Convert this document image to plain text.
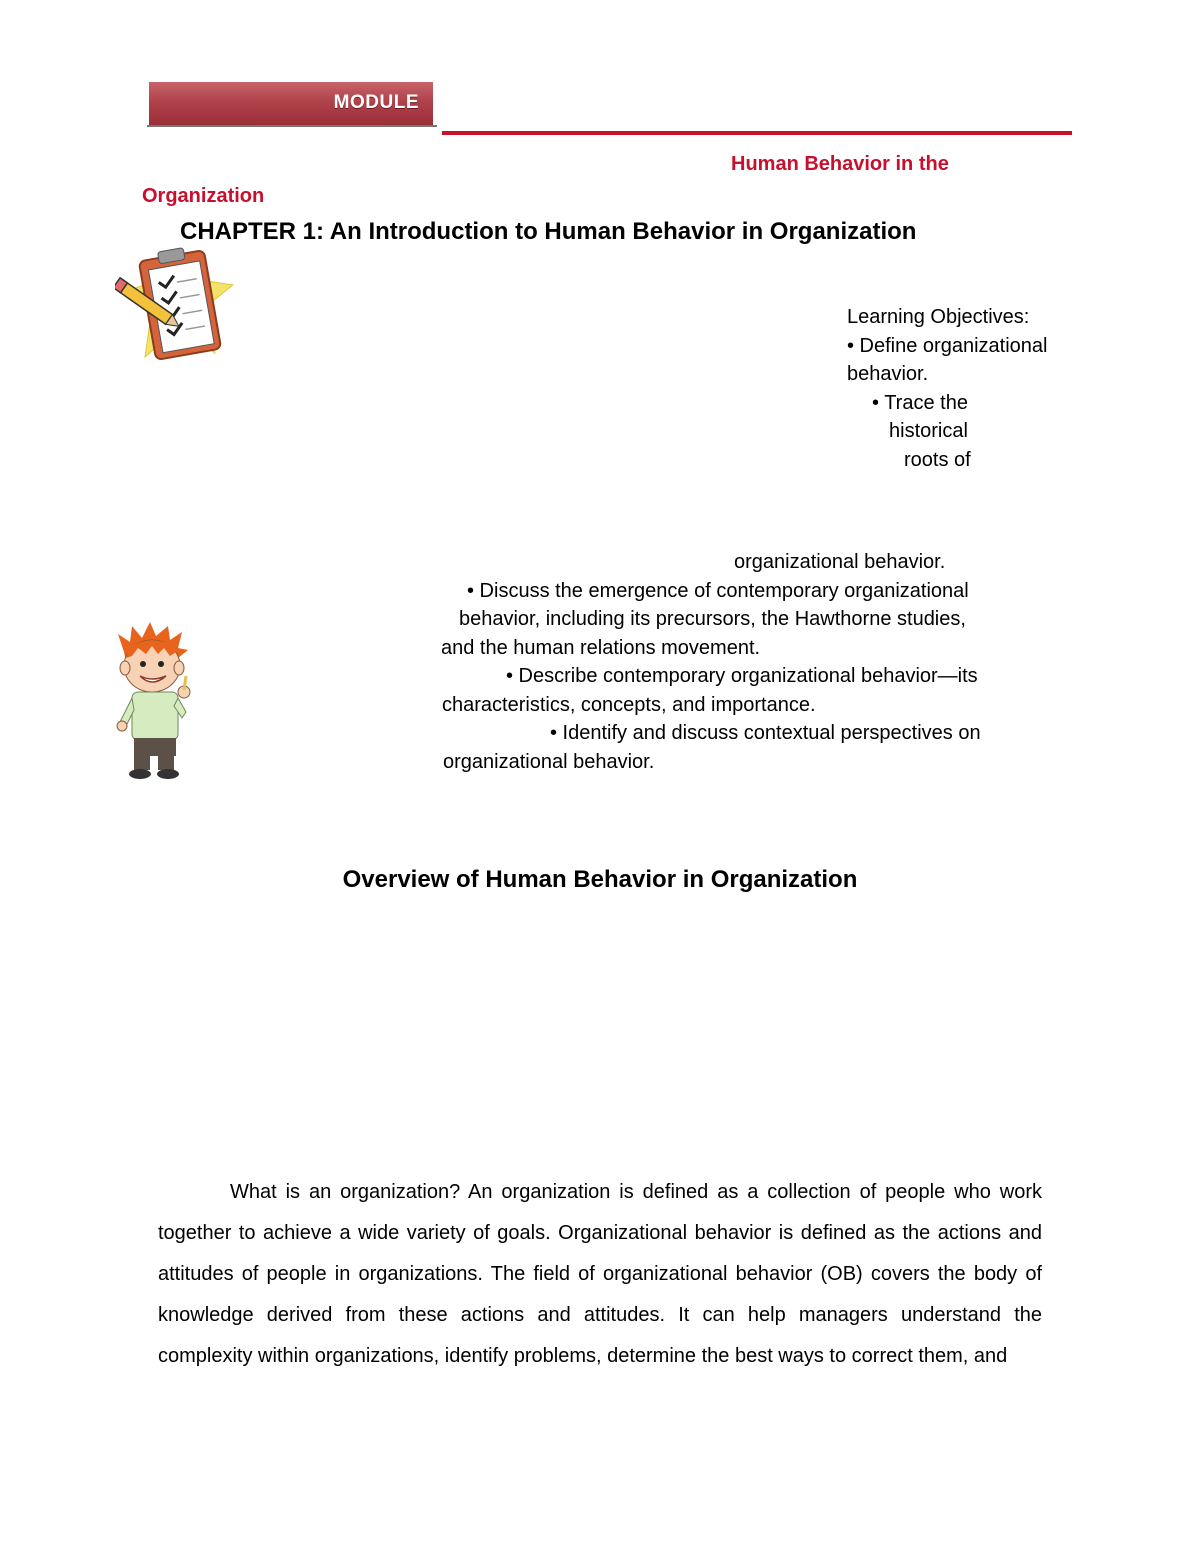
MODULE
Human Behavior in the
Organization
CHAPTER 1: An Introduction to Human Behavior in Organization
Learning Objectives:
• Define organizational
behavior.
• Trace the
historical
roots of
organizational behavior.
• Discuss the emergence of contemporary organizational
behavior, including its precursors, the Hawthorne studies,
and the human relations movement.
• Describe contemporary organizational behavior—its
characteristics, concepts, and importance.
• Identify and discuss contextual perspectives on
organizational behavior.
Overview of Human Behavior in Organization
What is an organization? An organization is defined as a collection of people who work together to achieve a wide variety of goals. Organizational behavior is defined as the actions and attitudes of people in organizations. The field of organizational behavior (OB) covers the body of knowledge derived from these actions and attitudes. It can help managers understand the complexity within organizations, identify problems, determine the best ways to correct them, and
